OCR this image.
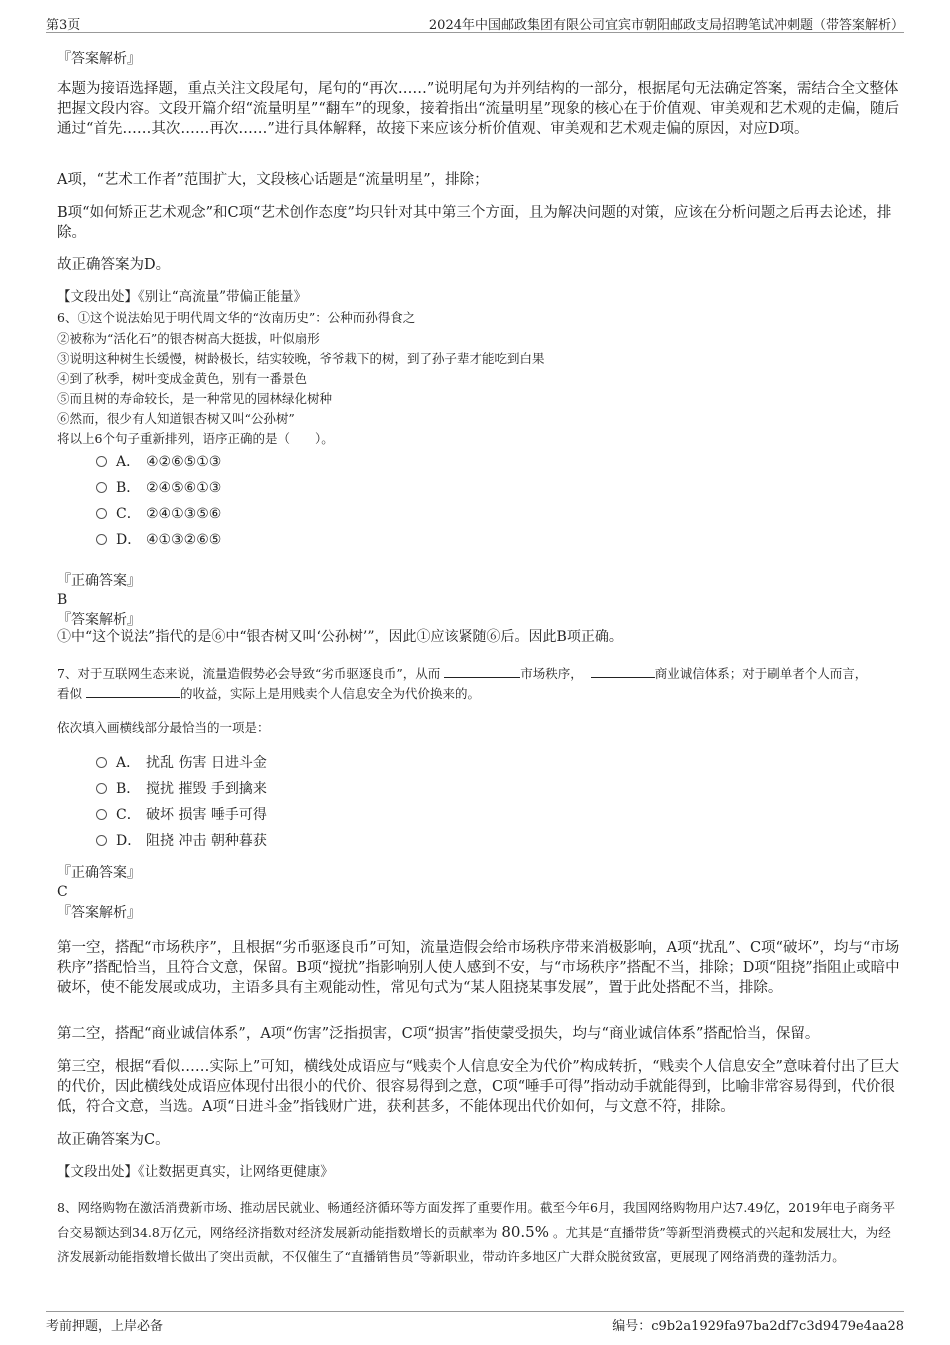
第3页	2024年中国邮政集团有限公司宜宾市朝阳邮政支局招聘笔试冲刺题（带答案解析）
『答案解析』
本题为接语选择题，重点关注文段尾句，尾句的“再次……”说明尾句为并列结构的一部分，根据尾句无法确定答案，需结合全文整体把握文段内容。文段开篇介绍“流量明星”“翻车”的现象，接着指出“流量明星”现象的核心在于价值观、审美观和艺术观的走偏，随后通过“首先……其次……再次……”进行具体解释，故接下来应该分析价值观、审美观和艺术观走偏的原因，对应D项。
A项，“艺术工作者”范围扩大，文段核心话题是“流量明星”，排除；
B项“如何矫正艺术观念”和C项“艺术创作态度”均只针对其中第三个方面，且为解决问题的对策，应该在分析问题之后再去论述，排除。
故正确答案为D。
【文段出处】《别让“高流量”带偏正能量》
6、①这个说法始见于明代周文华的“汝南历史”：公种而孙得食之
②被称为“活化石”的银杏树高大挺拔，叶似扇形
③说明这种树生长缓慢，树龄极长，结实较晚，爷爷栽下的树，到了孙子辈才能吃到白果
④到了秋季，树叶变成金黄色，别有一番景色
⑤而且树的寿命较长，是一种常见的园林绿化树种
⑥然而，很少有人知道银杏树又叫“公孙树”
将以上6个句子重新排列，语序正确的是（　　）。
A． ④②⑥⑤①③
B． ②④⑤⑥①③
C． ②④①③⑤⑥
D． ④①③②⑥⑤
『正确答案』
B
『答案解析』
①中“这个说法”指代的是⑥中“银杏树又叫‘公孙树’”，因此①应该紧随⑥后。因此B项正确。
7、对于互联网生态来说，流量造假势必会导致“劣币驱逐良币”，从而	市场秩序，	商业诚信体系；对于刷单者个人而言，
看似	的收益，实际上是用贱卖个人信息安全为代价换来的。
依次填入画横线部分最恰当的一项是：
A． 扰乱 伤害 日进斗金
B． 搅扰 摧毁 手到擒来
C． 破坏 损害 唾手可得
D． 阻挠 冲击 朝种暮获
『正确答案』
C
『答案解析』
第一空，搭配“市场秩序”，且根据“劣币驱逐良币”可知，流量造假会给市场秩序带来消极影响，A项“扰乱”、C项“破坏”，均与“市场秩序”搭配恰当，且符合文意，保留。B项“搅扰”指影响别人使人感到不安，与“市场秩序”搭配不当，排除；D项“阻挠”指阻止或暗中破坏，使不能发展或成功，主语多具有主观能动性，常见句式为“某人阻挠某事发展”，置于此处搭配不当，排除。
第二空，搭配“商业诚信体系”，A项“伤害”泛指损害，C项“损害”指使蒙受损失，均与“商业诚信体系”搭配恰当，保留。
第三空，根据“看似……实际上”可知，横线处成语应与“贱卖个人信息安全为代价”构成转折，“贱卖个人信息安全”意味着付出了巨大的代价，因此横线处成语应体现付出很小的代价、很容易得到之意，C项“唾手可得”指动动手就能得到，比喻非常容易得到，代价很低，符合文意，当选。A项“日进斗金”指钱财广进，获利甚多，不能体现出代价如何，与文意不符，排除。
故正确答案为C。
【文段出处】《让数据更真实，让网络更健康》
8、网络购物在激活消费新市场、推动居民就业、畅通经济循环等方面发挥了重要作用。截至今年6月，我国网络购物用户达7.49亿，2019年电子商务平台交易额达到34.8万亿元，网络经济指数对经济发展新动能指数增长的贡献率为 80.5% 。尤其是“直播带货”等新型消费模式的兴起和发展壮大，为经济发展新动能指数增长做出了突出贡献，不仅催生了“直播销售员”等新职业，带动许多地区广大群众脱贫致富，更展现了网络消费的蓬勃活力。
考前押题，上岸必备	编号：c9b2a1929fa97ba2df7c3d9479e4aa28
